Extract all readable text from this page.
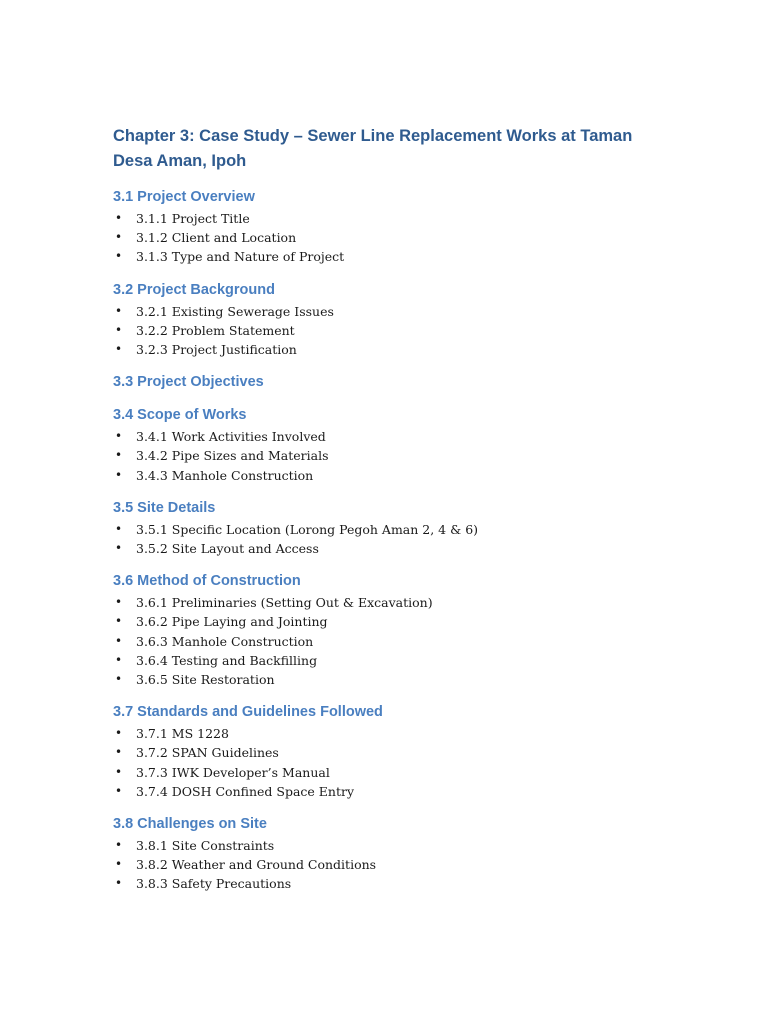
Chapter 3: Case Study – Sewer Line Replacement Works at Taman Desa Aman, Ipoh
3.1 Project Overview
• 3.1.1 Project Title
• 3.1.2 Client and Location
• 3.1.3 Type and Nature of Project
3.2 Project Background
• 3.2.1 Existing Sewerage Issues
• 3.2.2 Problem Statement
• 3.2.3 Project Justification
3.3 Project Objectives
3.4 Scope of Works
• 3.4.1 Work Activities Involved
• 3.4.2 Pipe Sizes and Materials
• 3.4.3 Manhole Construction
3.5 Site Details
• 3.5.1 Specific Location (Lorong Pegoh Aman 2, 4 & 6)
• 3.5.2 Site Layout and Access
3.6 Method of Construction
• 3.6.1 Preliminaries (Setting Out & Excavation)
• 3.6.2 Pipe Laying and Jointing
• 3.6.3 Manhole Construction
• 3.6.4 Testing and Backfilling
• 3.6.5 Site Restoration
3.7 Standards and Guidelines Followed
• 3.7.1 MS 1228
• 3.7.2 SPAN Guidelines
• 3.7.3 IWK Developer’s Manual
• 3.7.4 DOSH Confined Space Entry
3.8 Challenges on Site
• 3.8.1 Site Constraints
• 3.8.2 Weather and Ground Conditions
• 3.8.3 Safety Precautions
